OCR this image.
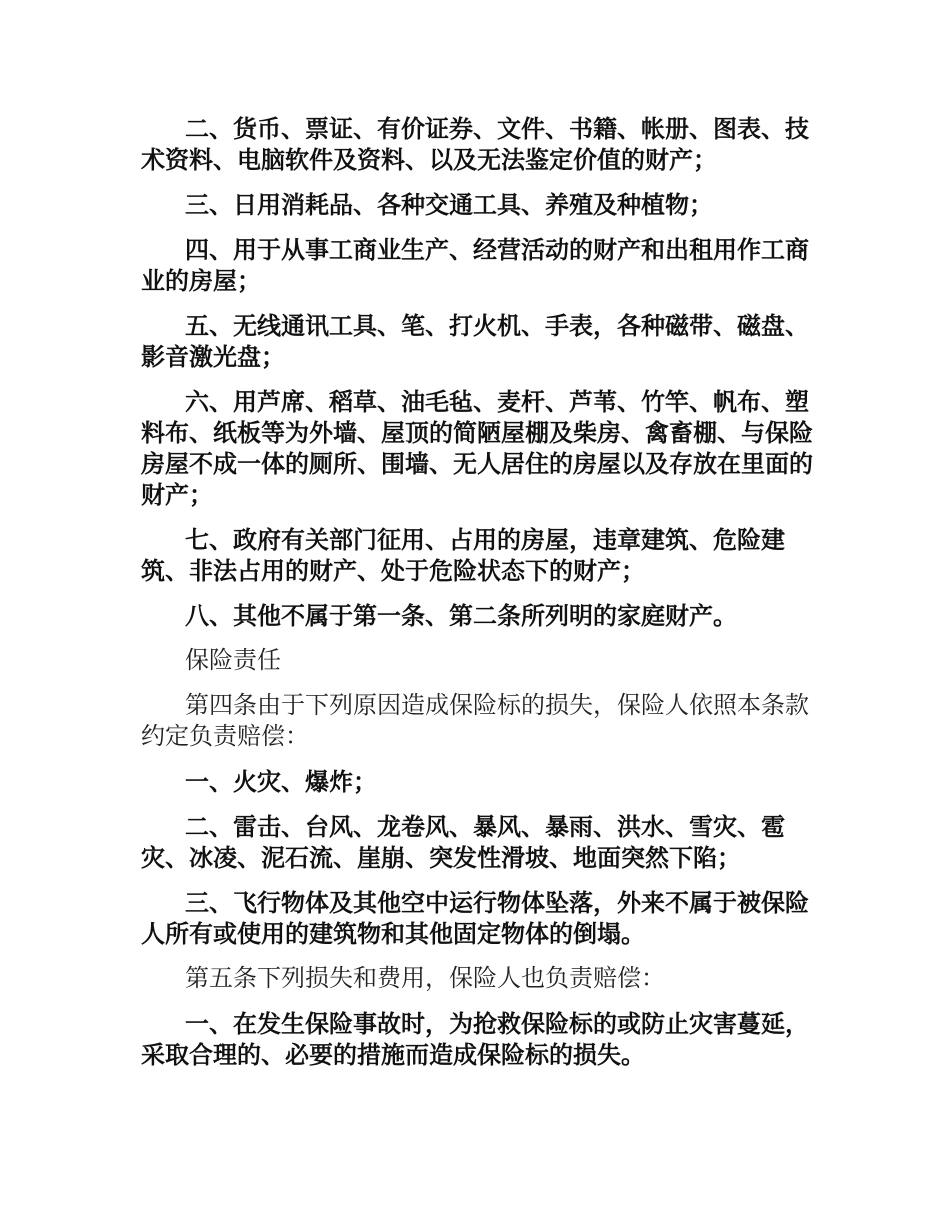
二、货币、票证、有价证券、文件、书籍、帐册、图表、技术资料、电脑软件及资料、以及无法鉴定价值的财产；

三、日用消耗品、各种交通工具、养殖及种植物；

四、用于从事工商业生产、经营活动的财产和出租用作工商业的房屋；

五、无线通讯工具、笔、打火机、手表，各种磁带、磁盘、影音激光盘；

六、用芦席、稻草、油毛毡、麦杆、芦苇、竹竿、帆布、塑料布、纸板等为外墙、屋顶的简陋屋棚及柴房、禽畜棚、与保险房屋不成一体的厕所、围墙、无人居住的房屋以及存放在里面的财产；

七、政府有关部门征用、占用的房屋，违章建筑、危险建筑、非法占用的财产、处于危险状态下的财产；

八、其他不属于第一条、第二条所列明的家庭财产。

保险责任

第四条由于下列原因造成保险标的损失，保险人依照本条款约定负责赔偿：

一、火灾、爆炸；

二、雷击、台风、龙卷风、暴风、暴雨、洪水、雪灾、雹灾、冰凌、泥石流、崖崩、突发性滑坡、地面突然下陷；

三、飞行物体及其他空中运行物体坠落，外来不属于被保险人所有或使用的建筑物和其他固定物体的倒塌。

第五条下列损失和费用，保险人也负责赔偿：

一、在发生保险事故时，为抢救保险标的或防止灾害蔓延，采取合理的、必要的措施而造成保险标的损失。
